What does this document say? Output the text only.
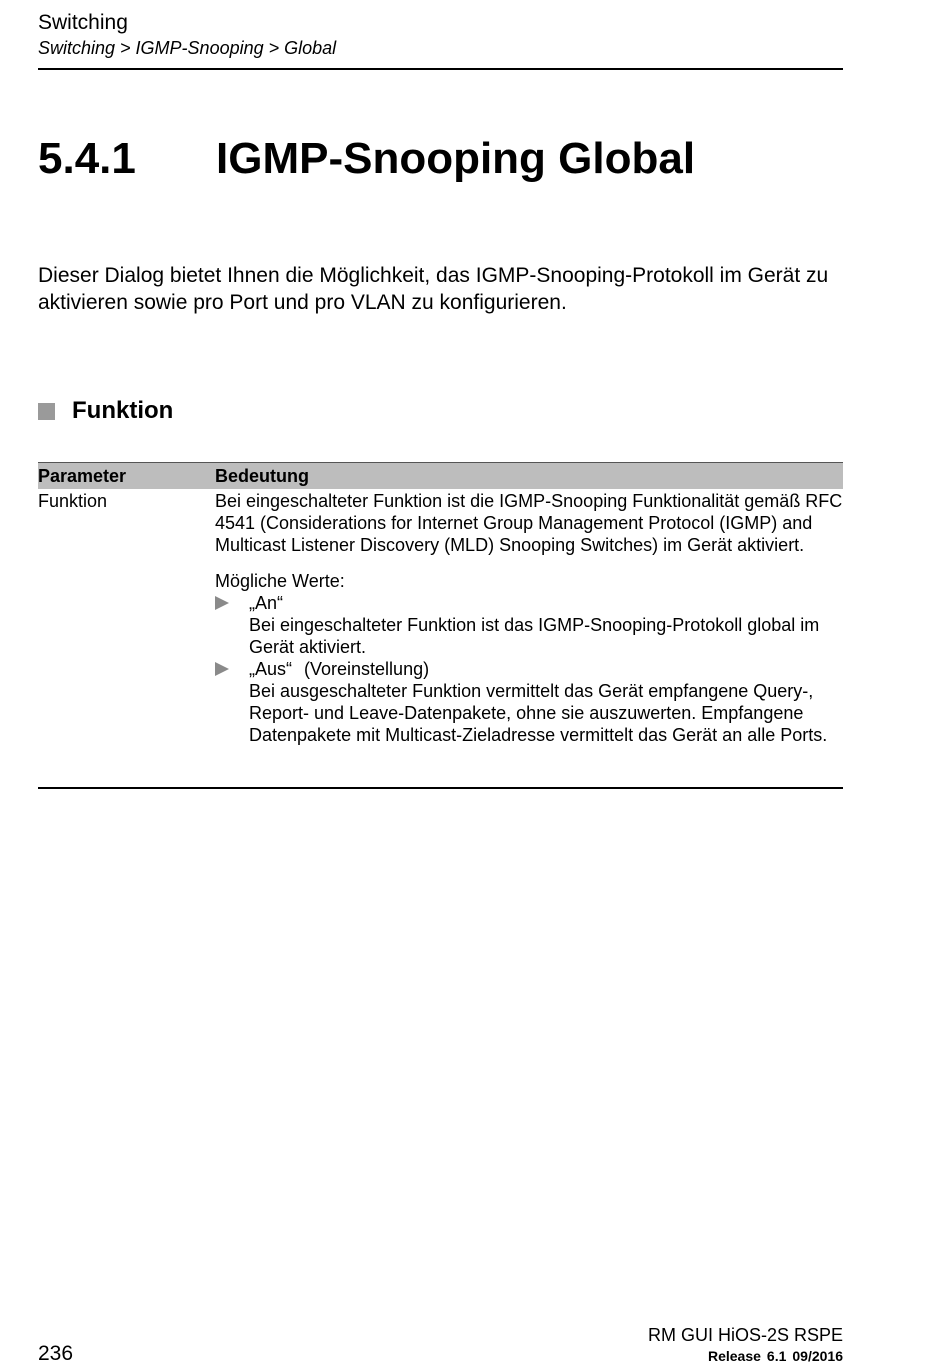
Switching
Switching > IGMP-Snooping > Global
5.4.1 IGMP-Snooping Global
Dieser Dialog bietet Ihnen die Möglichkeit, das IGMP-Snooping-Protokoll im Gerät zu aktivieren sowie pro Port und pro VLAN zu konfigurieren.
Funktion
Parameter	Bedeutung
Funktion	Bei eingeschalteter Funktion ist die IGMP-Snooping Funktionalität gemäß RFC 4541 (Considerations for Internet Group Management Protocol (IGMP) and Multicast Listener Discovery (MLD) Snooping Switches) im Gerät aktiviert.

Mögliche Werte:

„An“
Bei eingeschalteter Funktion ist das IGMP-Snooping-Protokoll global im Gerät aktiviert.
„Aus“ (Voreinstellung)
Bei ausgeschalteter Funktion vermittelt das Gerät empfangene Query-, Report- und Leave-Datenpakete, ohne sie auszuwerten. Empfangene Datenpakete mit Multicast-Zieladresse vermittelt das Gerät an alle Ports.
236
RM GUI HiOS-2S RSPE
Release 6.1 09/2016
